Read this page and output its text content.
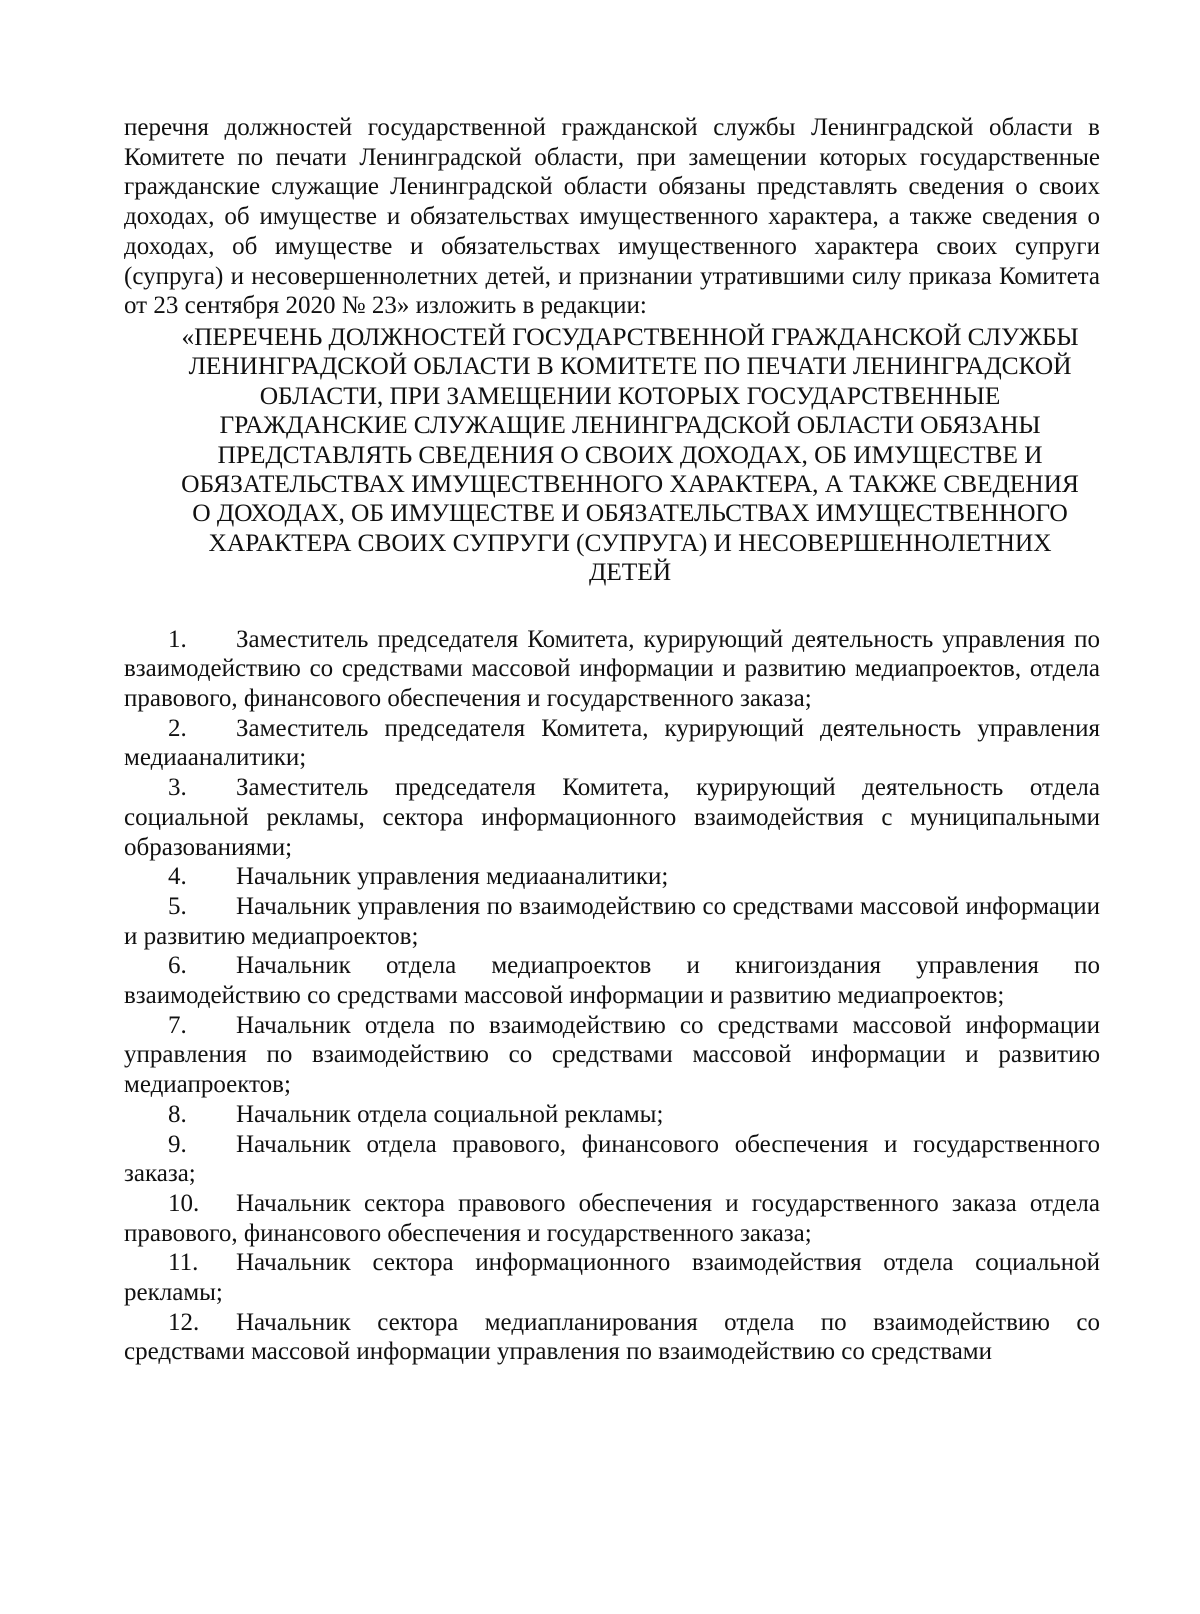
перечня должностей государственной гражданской службы Ленинградской области в Комитете по печати Ленинградской области, при замещении которых государственные гражданские служащие Ленинградской области обязаны представлять сведения о своих доходах, об имуществе и обязательствах имущественного характера, а также сведения о доходах, об имуществе и обязательствах имущественного характера своих супруги (супруга) и несовершеннолетних детей, и признании утратившими силу приказа Комитета от 23 сентября 2020 № 23» изложить в редакции:

«ПЕРЕЧЕНЬ ДОЛЖНОСТЕЙ ГОСУДАРСТВЕННОЙ ГРАЖДАНСКОЙ СЛУЖБЫ ЛЕНИНГРАДСКОЙ ОБЛАСТИ В КОМИТЕТЕ ПО ПЕЧАТИ ЛЕНИНГРАДСКОЙ ОБЛАСТИ, ПРИ ЗАМЕЩЕНИИ КОТОРЫХ ГОСУДАРСТВЕННЫЕ ГРАЖДАНСКИЕ СЛУЖАЩИЕ ЛЕНИНГРАДСКОЙ ОБЛАСТИ ОБЯЗАНЫ ПРЕДСТАВЛЯТЬ СВЕДЕНИЯ О СВОИХ ДОХОДАХ, ОБ ИМУЩЕСТВЕ И ОБЯЗАТЕЛЬСТВАХ ИМУЩЕСТВЕННОГО ХАРАКТЕРА, А ТАКЖЕ СВЕДЕНИЯ О ДОХОДАХ, ОБ ИМУЩЕСТВЕ И ОБЯЗАТЕЛЬСТВАХ ИМУЩЕСТВЕННОГО ХАРАКТЕРА СВОИХ СУПРУГИ (СУПРУГА) И НЕСОВЕРШЕННОЛЕТНИХ ДЕТЕЙ

1. Заместитель председателя Комитета, курирующий деятельность управления по взаимодействию со средствами массовой информации и развитию медиапроектов, отдела правового, финансового обеспечения и государственного заказа;
2. Заместитель председателя Комитета, курирующий деятельность управления медиааналитики;
3. Заместитель председателя Комитета, курирующий деятельность отдела социальной рекламы, сектора информационного взаимодействия с муниципальными образованиями;
4. Начальник управления медиааналитики;
5. Начальник управления по взаимодействию со средствами массовой информации и развитию медиапроектов;
6. Начальник отдела медиапроектов и книгоиздания управления по взаимодействию со средствами массовой информации и развитию медиапроектов;
7. Начальник отдела по взаимодействию со средствами массовой информации управления по взаимодействию со средствами массовой информации и развитию медиапроектов;
8. Начальник отдела социальной рекламы;
9. Начальник отдела правового, финансового обеспечения и государственного заказа;
10. Начальник сектора правового обеспечения и государственного заказа отдела правового, финансового обеспечения и государственного заказа;
11. Начальник сектора информационного взаимодействия отдела социальной рекламы;
12. Начальник сектора медиапланирования отдела по взаимодействию со средствами массовой информации управления по взаимодействию со средствами
